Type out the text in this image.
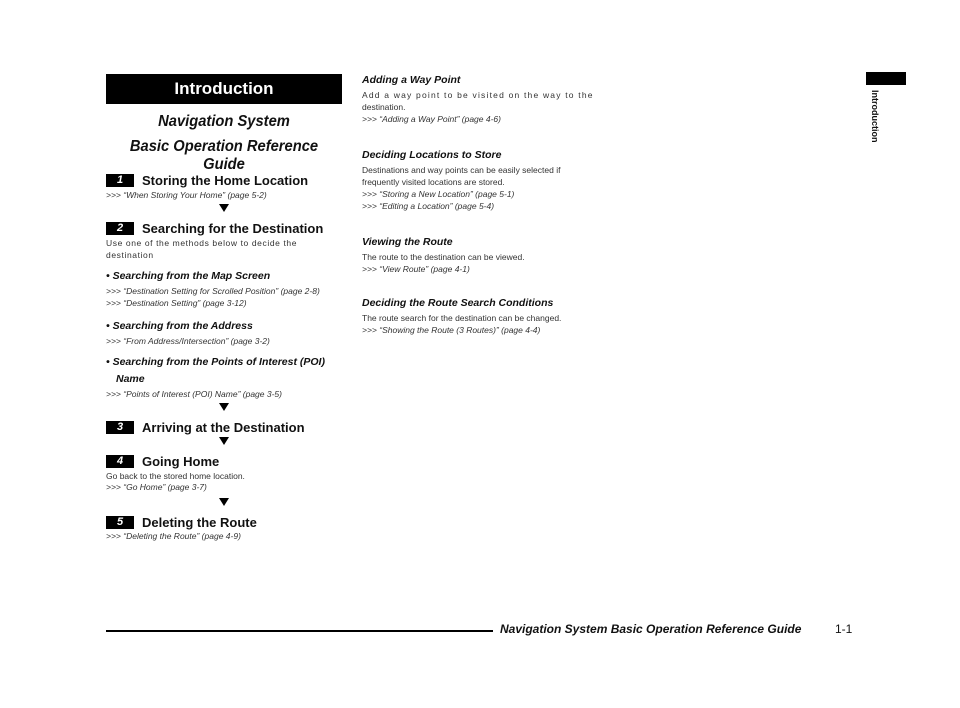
Introduction
Navigation System
Basic Operation Reference Guide
1 Storing the Home Location
>>> “When Storing Your Home” (page 5-2)
2 Searching for the Destination
Use one of the methods below to decide the destination
• Searching from the Map Screen
>>> “Destination Setting for Scrolled Position” (page 2-8)
>>> “Destination Setting” (page 3-12)
• Searching from the Address
>>> “From Address/Intersection” (page 3-2)
• Searching from the Points of Interest (POI)
Name
>>> “Points of Interest (POI) Name” (page 3-5)
3 Arriving at the Destination
4 Going Home
Go back to the stored home location.
>>> “Go Home” (page 3-7)
5 Deleting the Route
>>> “Deleting the Route” (page 4-9)
Adding a Way Point
Add a way point to be visited on the way to the
destination.
>>> “Adding a Way Point” (page 4-6)
Deciding Locations to Store
Destinations and way points can be easily selected if
frequently visited locations are stored.
>>> “Storing a New Location” (page 5-1)
>>> “Editing a Location” (page 5-4)
Viewing the Route
The route to the destination can be viewed.
>>> “View Route” (page 4-1)
Deciding the Route Search Conditions
The route search for the destination can be changed.
>>> “Showing the Route (3 Routes)” (page 4-4)
Introduction
Navigation System Basic Operation Reference Guide	1-1
